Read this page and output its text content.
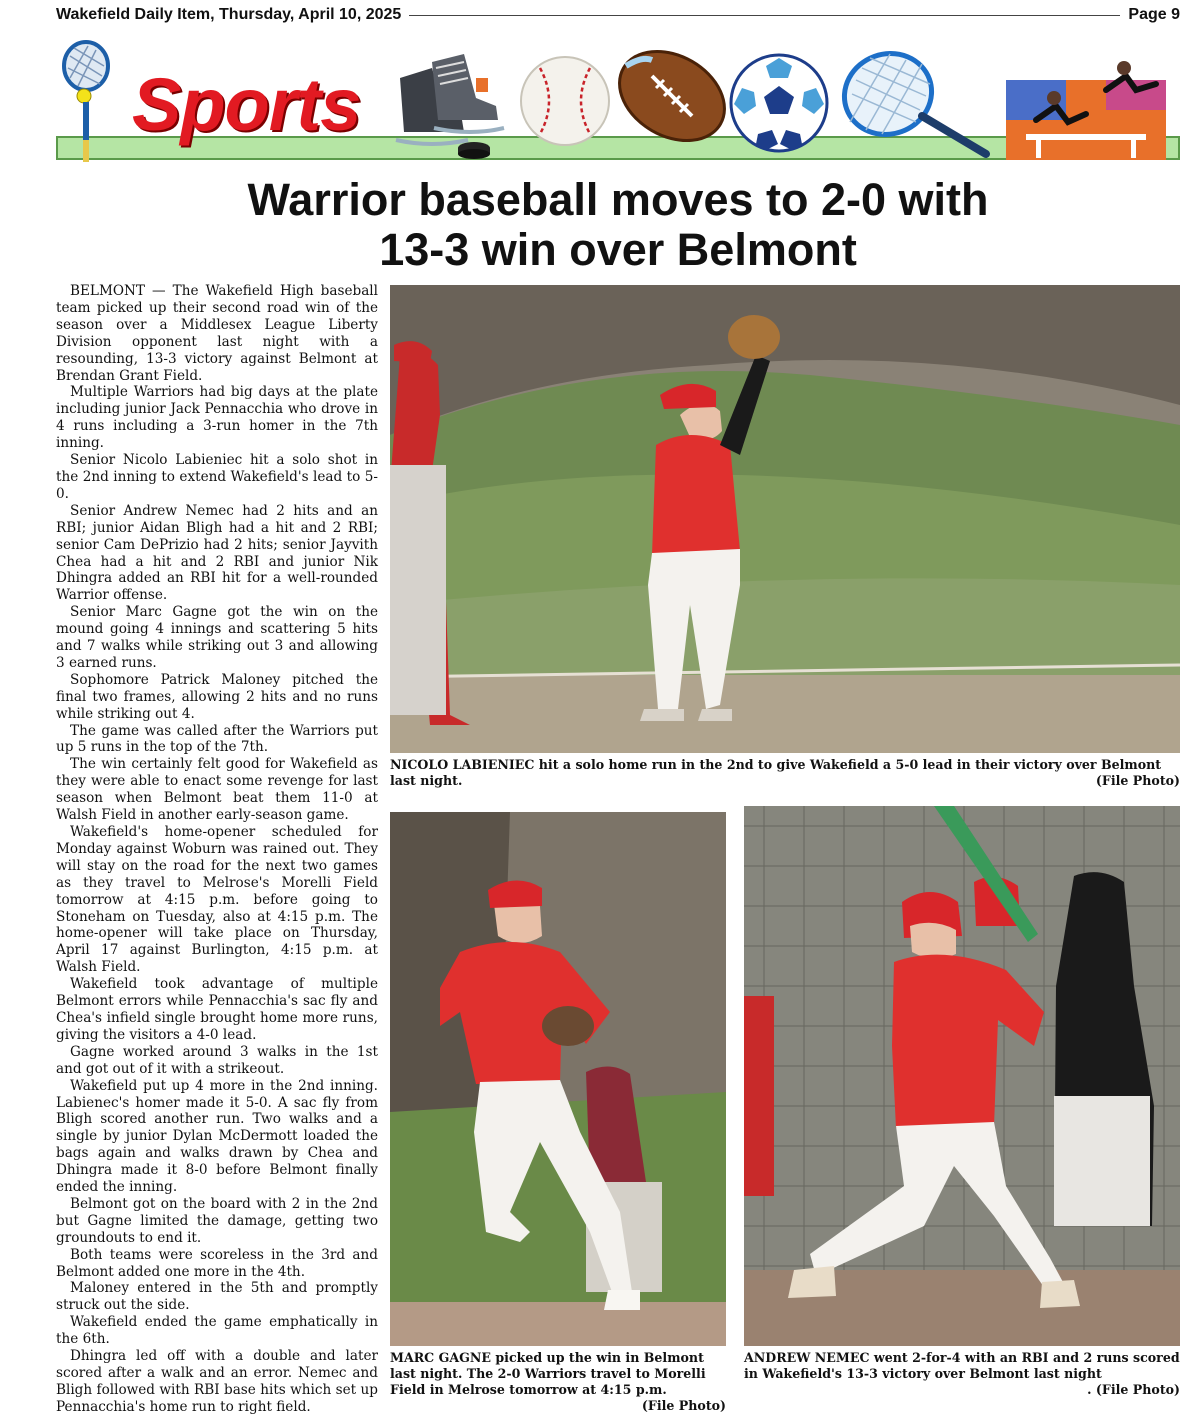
Wakefield Daily Item, Thursday, April 10, 2025	Page 9
Sports
Warrior baseball moves to 2-0 with
13-3 win over Belmont

BELMONT — The Wakefield High baseball team picked up their second road win of the season over a Middlesex League Liberty Division opponent last night with a resounding, 13-3 victory against Belmont at Brendan Grant Field.

Multiple Warriors had big days at the plate including junior Jack Pennacchia who drove in 4 runs including a 3-run homer in the 7th inning.

Senior Nicolo Labieniec hit a solo shot in the 2nd inning to extend Wakefield's lead to 5-0.

Senior Andrew Nemec had 2 hits and an RBI; junior Aidan Bligh had a hit and 2 RBI; senior Cam DePrizio had 2 hits; senior Jayvith Chea had a hit and 2 RBI and junior Nik Dhingra added an RBI hit for a well-rounded Warrior offense.

Senior Marc Gagne got the win on the mound going 4 innings and scattering 5 hits and 7 walks while striking out 3 and allowing 3 earned runs.

Sophomore Patrick Maloney pitched the final two frames, allowing 2 hits and no runs while striking out 4.

The game was called after the Warriors put up 5 runs in the top of the 7th.

The win certainly felt good for Wakefield as they were able to enact some revenge for last season when Belmont beat them 11-0 at Walsh Field in another early-season game.

Wakefield's home-opener scheduled for Monday against Woburn was rained out. They will stay on the road for the next two games as they travel to Melrose's Morelli Field tomorrow at 4:15 p.m. before going to Stoneham on Tuesday, also at 4:15 p.m. The home-opener will take place on Thursday, April 17 against Burlington, 4:15 p.m. at Walsh Field.

Wakefield took advantage of multiple Belmont errors while Pennacchia's sac fly and Chea's infield single brought home more runs, giving the visitors a 4-0 lead.

Gagne worked around 3 walks in the 1st and got out of it with a strikeout.

Wakefield put up 4 more in the 2nd inning. Labienec's homer made it 5-0. A sac fly from Bligh scored another run. Two walks and a single by junior Dylan McDermott loaded the bags again and walks drawn by Chea and Dhingra made it 8-0 before Belmont finally ended the inning.

Belmont got on the board with 2 in the 2nd but Gagne limited the damage, getting two groundouts to end it.

Both teams were scoreless in the 3rd and Belmont added one more in the 4th.

Maloney entered in the 5th and promptly struck out the side.

Wakefield ended the game emphatically in the 6th.

Dhingra led off with a double and later scored after a walk and an error. Nemec and Bligh followed with RBI base hits which set up Pennacchia's home run to right field.

NICOLO LABIENIEC hit a solo home run in the 2nd to give Wakefield a 5-0 lead in their victory over Belmont last night.	(File Photo)
MARC GAGNE picked up the win in Belmont last night. The 2-0 Warriors travel to Morelli Field in Melrose tomorrow at 4:15 p.m.
(File Photo)
ANDREW NEMEC went 2-for-4 with an RBI and 2 runs scored in Wakefield's 13-3 victory over Belmont last night
. (File Photo)
